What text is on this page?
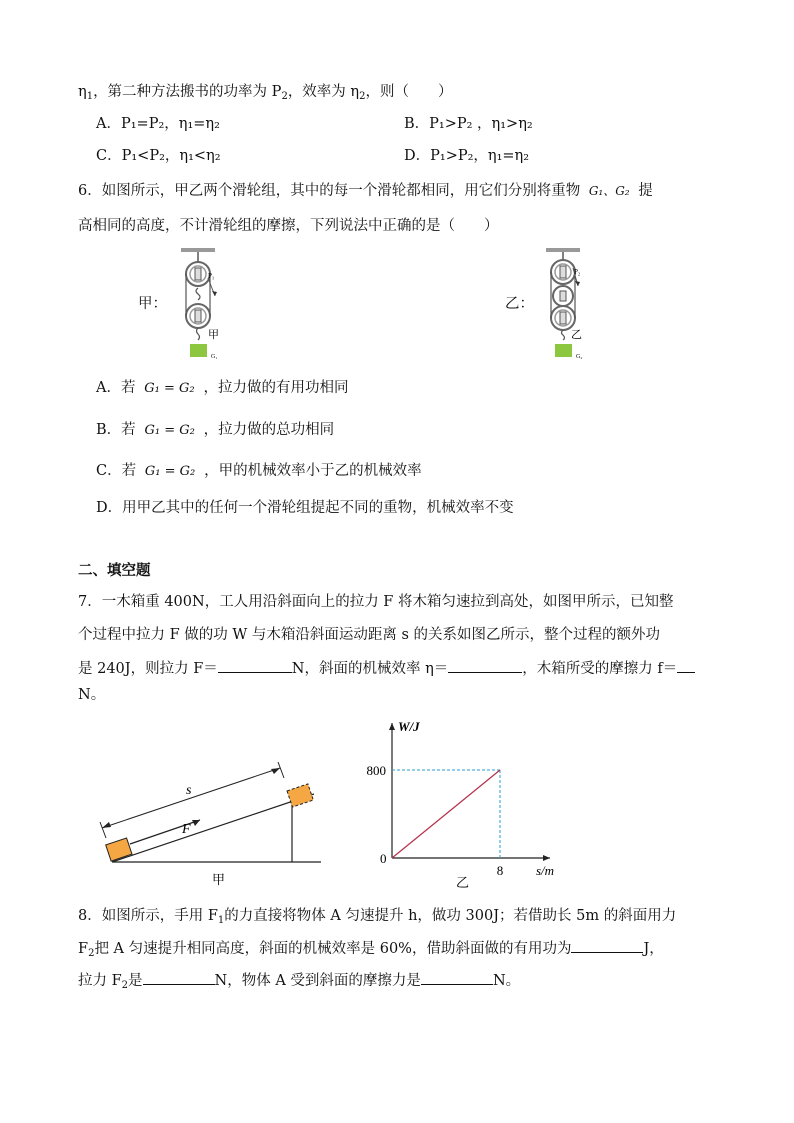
$\eta_1$，第二种方法搬书的功率为 $P_2$，效率为 $\eta_2$，则（　　）
A．P₁=P₂，η₁=η₂	B．P₁>P₂ ，η₁>η₂
C．P₁<P₂，η₁<η₂	D．P₁>P₂，η₁=η₂
6．如图所示，甲乙两个滑轮组，其中的每一个滑轮都相同，用它们分别将重物 G₁、G₂ 提
高相同的高度，不计滑轮组的摩擦，下列说法中正确的是（　　）
甲：	乙：
P₁
甲
G₁
P₂
乙
G₂
A．若 G₁ = G₂ ，拉力做的有用功相同
B．若 G₁ = G₂ ，拉力做的总功相同
C．若 G₁ = G₂ ，甲的机械效率小于乙的机械效率
D．用甲乙其中的任何一个滑轮组提起不同的重物，机械效率不变
二、填空题
7．一木箱重 400N，工人用沿斜面向上的拉力 F 将木箱匀速拉到高处，如图甲所示，已知整
个过程中拉力 F 做的功 W 与木箱沿斜面运动距离 s 的关系如图乙所示，整个过程的额外功
是 240J，则拉力 F＝	N，斜面的机械效率 η＝	，木箱所受的摩擦力 f＝
N。
F
s
甲
W/J
s/m
0
800
8
乙
8．如图所示，手用 $F_1$的力直接将物体 A 匀速提升 h，做功 300J；若借助长 5m 的斜面用力
$F_2$把 A 匀速提升相同高度，斜面的机械效率是 60%，借助斜面做的有用功为	J，
拉力 $F_2$是	N，物体 A 受到斜面的摩擦力是	N。
